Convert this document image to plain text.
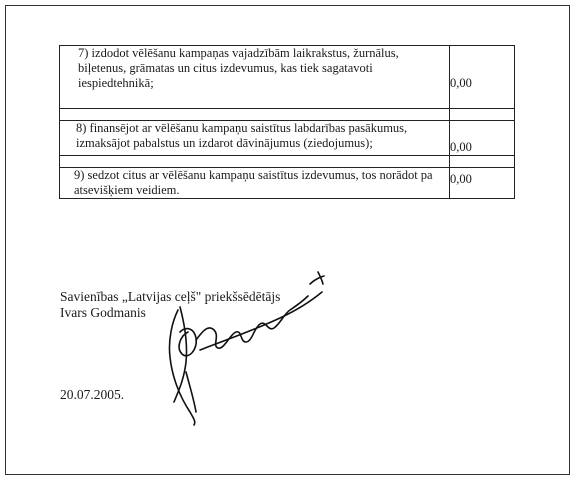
7) izdodot vēlēšanu kampaņas vajadzībām laikrakstus, žurnālus, biļetenus, grāmatas un citus izdevumus, kas tiek sagatavoti iespiedtehnikā;	0,00

8) finansējot ar vēlēšanu kampaņu saistītus labdarības pasākumus, izmaksājot pabalstus un izdarot dāvinājumus (ziedojumus);	0,00

9) sedzot citus ar vēlēšanu kampaņu saistītus izdevumus, tos norādot pa atsevišķiem veidiem.	0,00
Savienības „Latvijas ceļš" priekšsēdētājs
Ivars Godmanis
20.07.2005.
